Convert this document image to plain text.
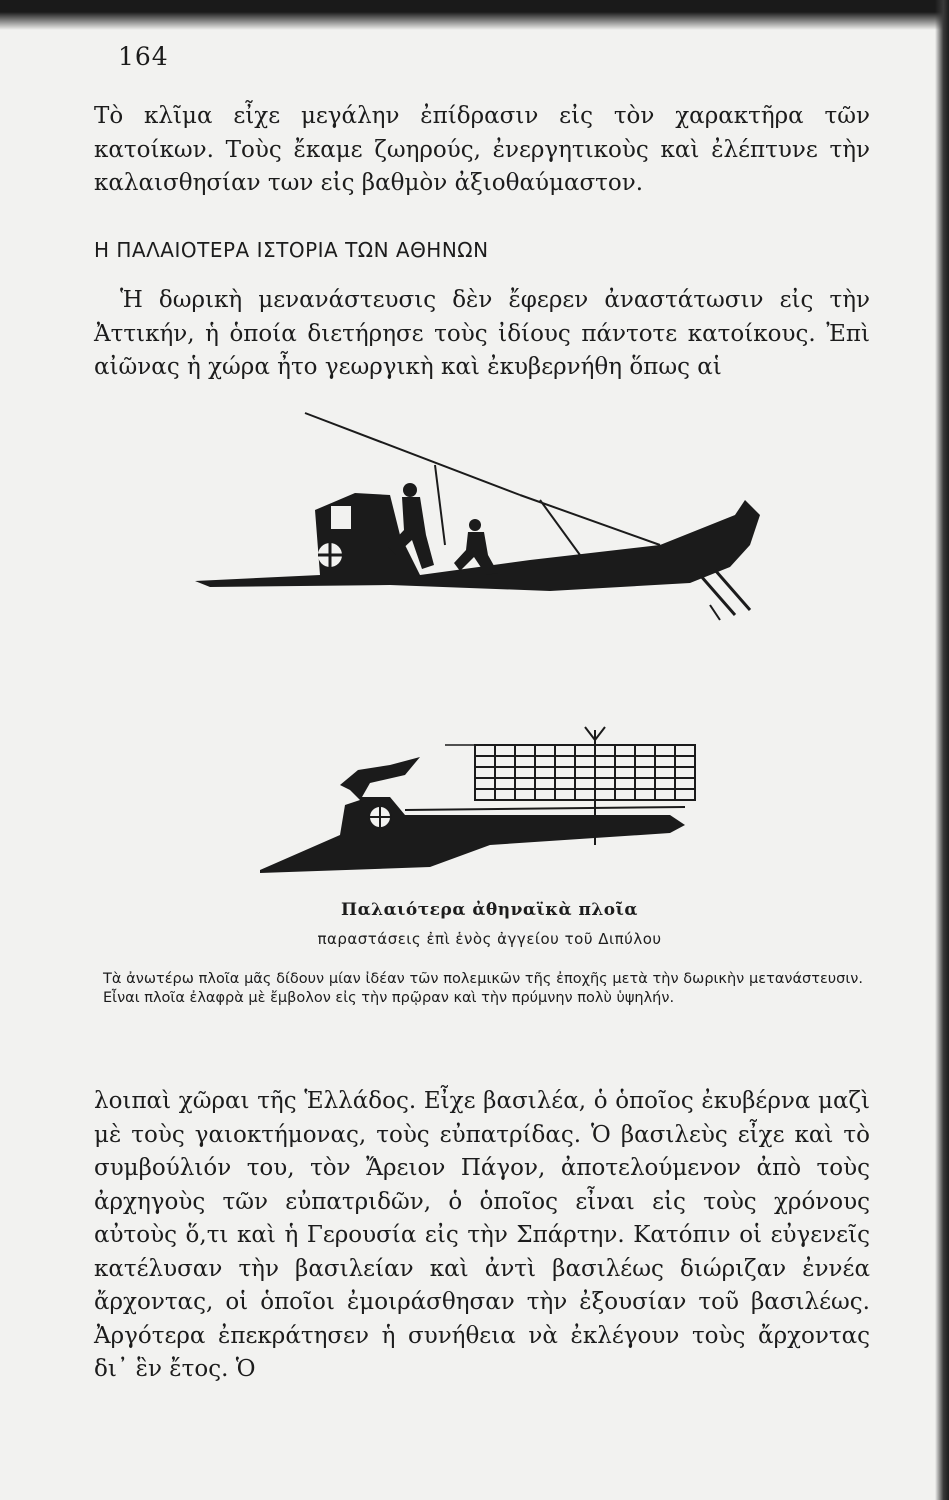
164
Τὸ κλῖμα εἶχε μεγάλην ἐπίδρασιν εἰς τὸν χαρακτῆρα τῶν κατοίκων. Τοὺς ἔκαμε ζωηρούς, ἐνεργητικοὺς καὶ ἐλέπτυνε τὴν καλαισθησίαν των εἰς βαθμὸν ἀξιοθαύμαστον.
Η ΠΑΛΑΙΟΤΕΡΑ ΙΣΤΟΡΙΑ ΤΩΝ ΑΘΗΝΩΝ
Ἡ δωρικὴ μενανάστευσις δὲν ἔφερεν ἀναστάτωσιν εἰς τὴν Ἀττικήν, ἡ ὁποία διετήρησε τοὺς ἰδίους πάντοτε κατοίκους. Ἐπὶ αἰῶνας ἡ χώρα ἦτο γεωργικὴ καὶ ἐκυβερνήθη ὅπως αἱ
Παλαιότερα ἀθηναϊκὰ πλοῖα
παραστάσεις ἐπὶ ἑνὸς ἀγγείου τοῦ Διπύλου
Τὰ ἀνωτέρω πλοῖα μᾶς δίδουν μίαν ἰδέαν τῶν πολεμικῶν τῆς ἐποχῆς μετὰ τὴν δωρικὴν μετανάστευσιν. Εἶναι πλοῖα ἐλαφρὰ μὲ ἔμβολον εἰς τὴν πρῷραν καὶ τὴν πρύμνην πολὺ ὑψηλήν.
λοιπαὶ χῶραι τῆς Ἑλλάδος. Εἶχε βασιλέα, ὁ ὁποῖος ἐκυβέρνα μαζὶ μὲ τοὺς γαιοκτήμονας, τοὺς εὐπατρίδας. Ὁ βασιλεὺς εἶχε καὶ τὸ συμβούλιόν του, τὸν Ἄρειον Πάγον, ἀποτελούμενον ἀπὸ τοὺς ἀρχηγοὺς τῶν εὐπατριδῶν, ὁ ὁποῖος εἶναι εἰς τοὺς χρόνους αὐτοὺς ὅ,τι καὶ ἡ Γερουσία εἰς τὴν Σπάρτην. Κατόπιν οἱ εὐγενεῖς κατέλυσαν τὴν βασιλείαν καὶ ἀντὶ βασιλέως διώριζαν ἐννέα ἄρχοντας, οἱ ὁποῖοι ἐμοιράσθησαν τὴν ἐξουσίαν τοῦ βασιλέως. Ἀργότερα ἐπεκράτησεν ἡ συνήθεια νὰ ἐκλέγουν τοὺς ἄρχοντας δι᾿ ἓν ἔτος. Ὁ
